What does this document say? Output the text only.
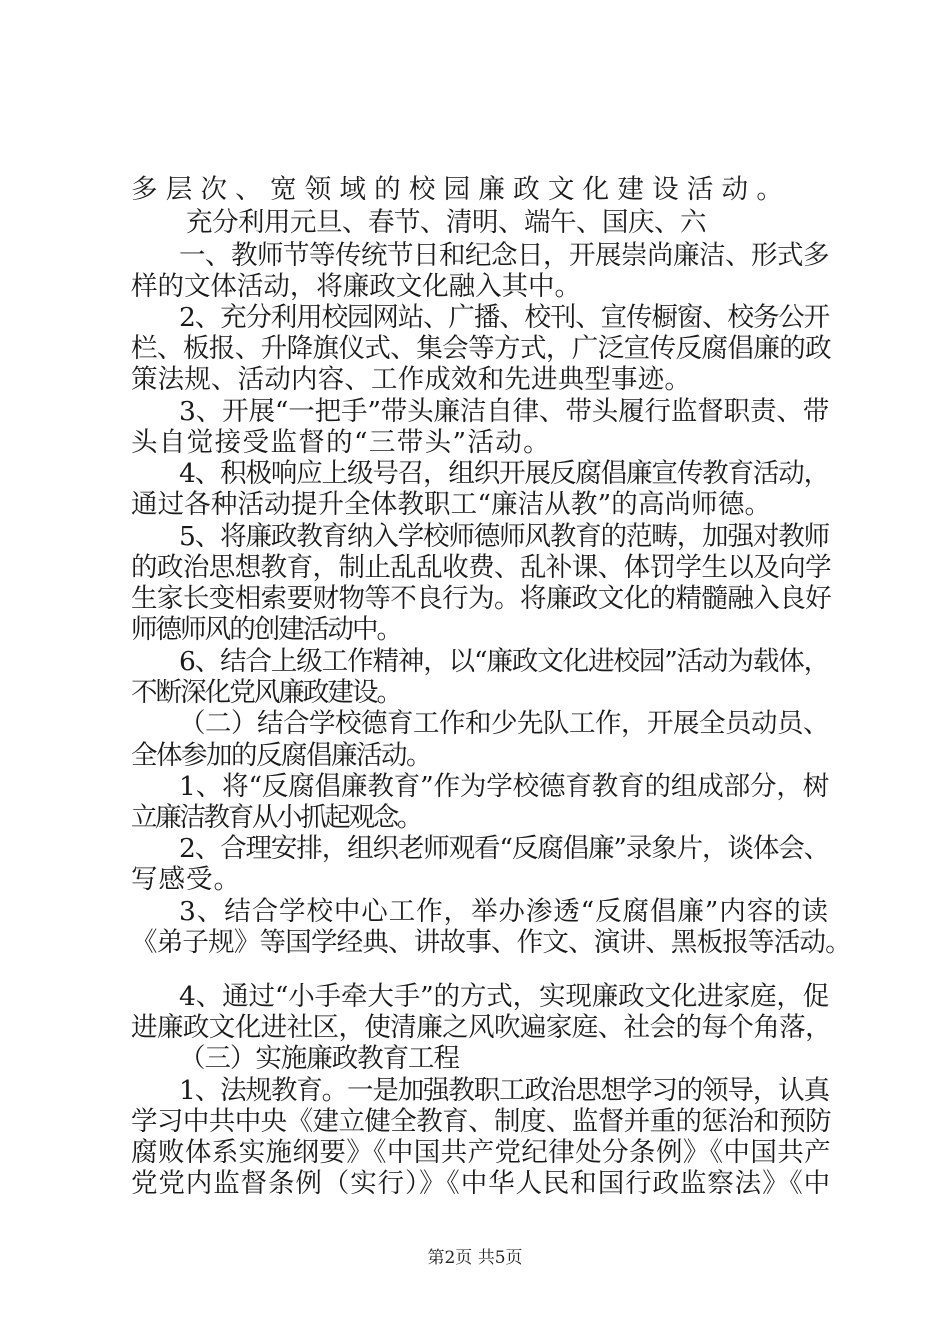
多层次、宽领域的校园廉政文化建设活动。
充分利用元旦、春节、清明、端午、国庆、六
一、教师节等传统节日和纪念日，开展崇尚廉洁、形式多
样的文体活动，将廉政文化融入其中。
2、充分利用校园网站、广播、校刊、宣传橱窗、校务公开
栏、板报、升降旗仪式、集会等方式，广泛宣传反腐倡廉的政
策法规、活动内容、工作成效和先进典型事迹。
3、开展“一把手”带头廉洁自律、带头履行监督职责、带
头自觉接受监督的“三带头”活动。
4、积极响应上级号召，组织开展反腐倡廉宣传教育活动，
通过各种活动提升全体教职工“廉洁从教”的高尚师德。
5、将廉政教育纳入学校师德师风教育的范畴，加强对教师
的政治思想教育，制止乱乱收费、乱补课、体罚学生以及向学
生家长变相索要财物等不良行为。将廉政文化的精髓融入良好
师德师风的创建活动中。
6、结合上级工作精神，以“廉政文化进校园”活动为载体，
不断深化党风廉政建设。
（二）结合学校德育工作和少先队工作，开展全员动员、
全体参加的反腐倡廉活动。
1、将“反腐倡廉教育”作为学校德育教育的组成部分，树
立廉洁教育从小抓起观念。
2、合理安排，组织老师观看“反腐倡廉”录象片，谈体会、
写感受。
3、结合学校中心工作，举办渗透“反腐倡廉”内容的读
《弟子规》等国学经典、讲故事、作文、演讲、黑板报等活动。
4、通过“小手牵大手”的方式，实现廉政文化进家庭，促
进廉政文化进社区，使清廉之风吹遍家庭、社会的每个角落，
（三）实施廉政教育工程
1、法规教育。一是加强教职工政治思想学习的领导，认真
学习中共中央《建立健全教育、制度、监督并重的惩治和预防
腐败体系实施纲要》《中国共产党纪律处分条例》《中国共产
党党内监督条例（实行）》《中华人民和国行政监察法》《中
第2页 共5页
